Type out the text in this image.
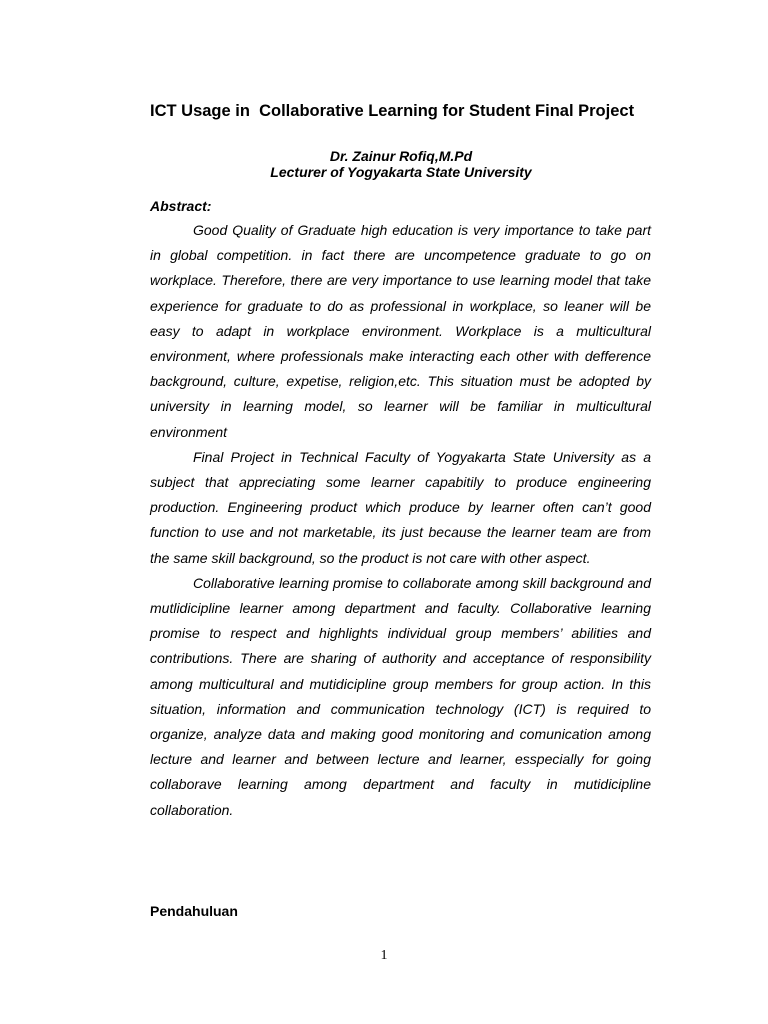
ICT Usage in  Collaborative Learning for Student Final Project
Dr. Zainur Rofiq,M.Pd
Lecturer of Yogyakarta State University
Abstract:

Good Quality of Graduate high education is very importance to take part in global competition. in fact there are uncompetence graduate to go on workplace. Therefore, there are very importance to use learning model that take experience for graduate to do as professional in workplace, so leaner will be easy to adapt in workplace environment. Workplace is a multicultural environment, where professionals make interacting each other with defference background, culture, expetise, religion,etc. This situation must be adopted by university in learning model, so learner will be familiar in multicultural environment

Final Project in Technical Faculty of Yogyakarta State University as a subject that appreciating some learner capabitily to produce engineering production. Engineering product which produce by learner often can’t good function to use and not marketable, its just because the learner team are from the same skill background, so the product is not care with other aspect.

Collaborative learning promise to collaborate among skill background and mutlidicipline learner among department and faculty. Collaborative learning promise to respect and highlights individual group members’ abilities and contributions. There are sharing of authority and acceptance of responsibility among multicultural and mutidicipline group members for group action. In this situation, information and communication technology (ICT) is required to organize, analyze data and making good monitoring and comunication among lecture and learner and between lecture and learner, esspecially for going collaborave learning among department and faculty in mutidicipline collaboration.

Pendahuluan
1
